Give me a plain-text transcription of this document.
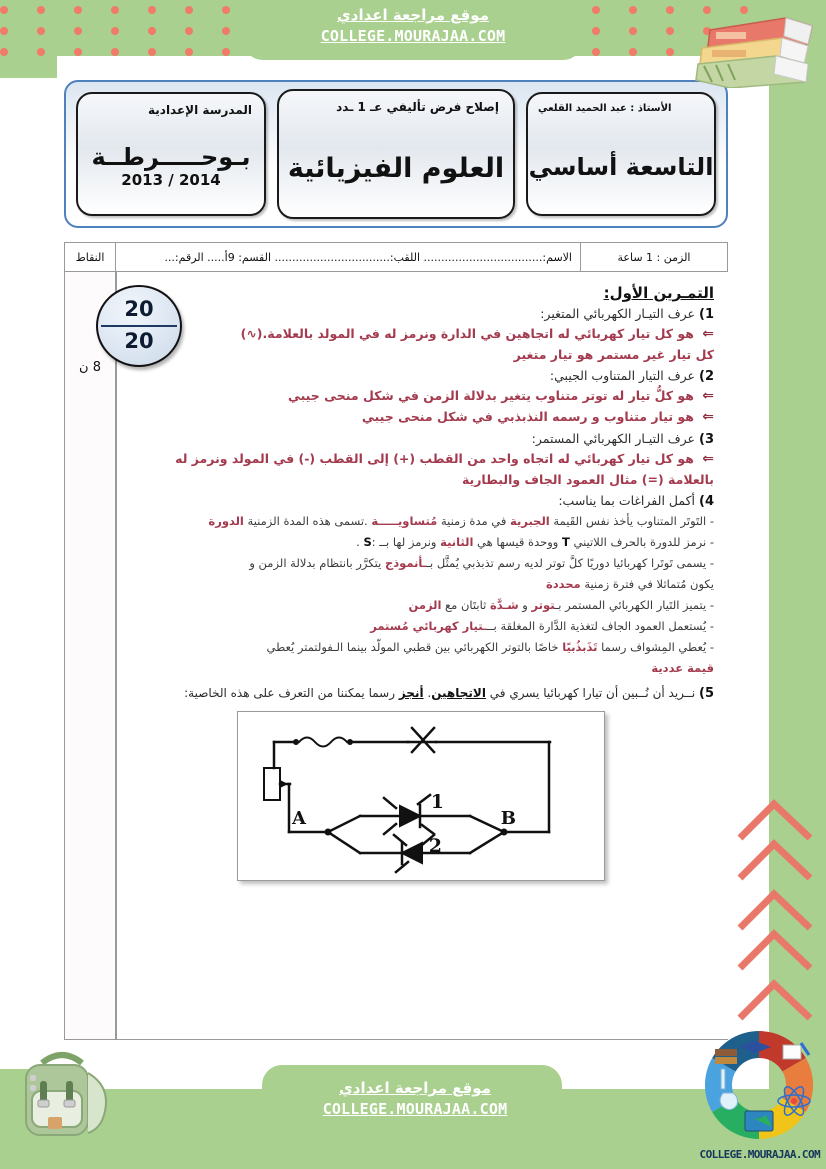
موقع مراجعة اعدادي
COLLEGE.MOURAJAA.COM
الأستاذ : عبد الحميد القلعي
التاسعة أساسي
إصلاح فرض تأليفي عـ 1 ـدد
العلوم الفيزيائية
المدرسة الإعدادية
بـوحـــــرطــة
2014 / 2013
الزمن : 1 ساعة
الاسم:.................................. اللقب:................................. القسم: 9أ..... الرقم:...
النقاط
8 ن
20
20
التمـرين الأول:
1) عرف التيـار الكهربائي المتغير:
⇐ هو كل تيار كهربائي له اتجاهين في الدارة ونرمز له في المولد بالعلامة.(∿)
كل تيار غير مستمر هو تيار متغير
2) عرف التيار المتناوب الجيبي:
⇐ هو كلُّ تيار له توتر متناوب يتغير بدلالة الزمن في شكل منحى جيبي
⇐ هو تيار متناوب و رسمه النذبذبي في شكل منحى جيبي
3) عرف التيـار الكهربائي المستمر:
⇐ هو كل تيار كهربائي له اتجاه واحد من القطب (+) إلى القطب (-) في المولد ونرمز له
بالعلامة (=) مثال العمود الجاف والبطارية
4) أكمل الفراغات بما يناسب:
- التَوتَر المتناوب يأخذ نفس القَيمة الجبرية في مدة زمنية مُتساويـــــة .تسمى هذه المدة الزمنية الدورة
- نرمز للدورة بالحرف اللاتيني T ووحدة قيسها هي الثانية ونرمز لها بــ :S .
- يسمى تَوتَرا كهربائيا دوريًا كلَّ توتر لديه رسم تذبذبي يُمثَّل بــأنموذج يتكرَّر بانتظام بدلالة الزمن و
يكون مُتماثلا في فترة زمنية محددة
- يتميز التَيار الكهربائي المستمر بـتوتر و شـدَّة ثابتَان مع الزمن
- يُستعمل العمود الجاف لتغذية الدَّارة المغلقة بـــتيار كهربائي مُستمر
- يُعطي المِشواف رسما تَذَبذُبيًا خاصًا بالتوتر الكهربائي بين قطبي المولّد بينما الـفولتمتر يُعطي
قيمة عددية
5) نــريد أن نُــبين أن تيارا كهربائيا يسري في الاتجاهين. أنجز رسما يمكننا من التعرف على هذه الخاصية:
A	B
1
2
موقع مراجعة اعدادي
COLLEGE.MOURAJAA.COM
COLLEGE.MOURAJAA.COM
